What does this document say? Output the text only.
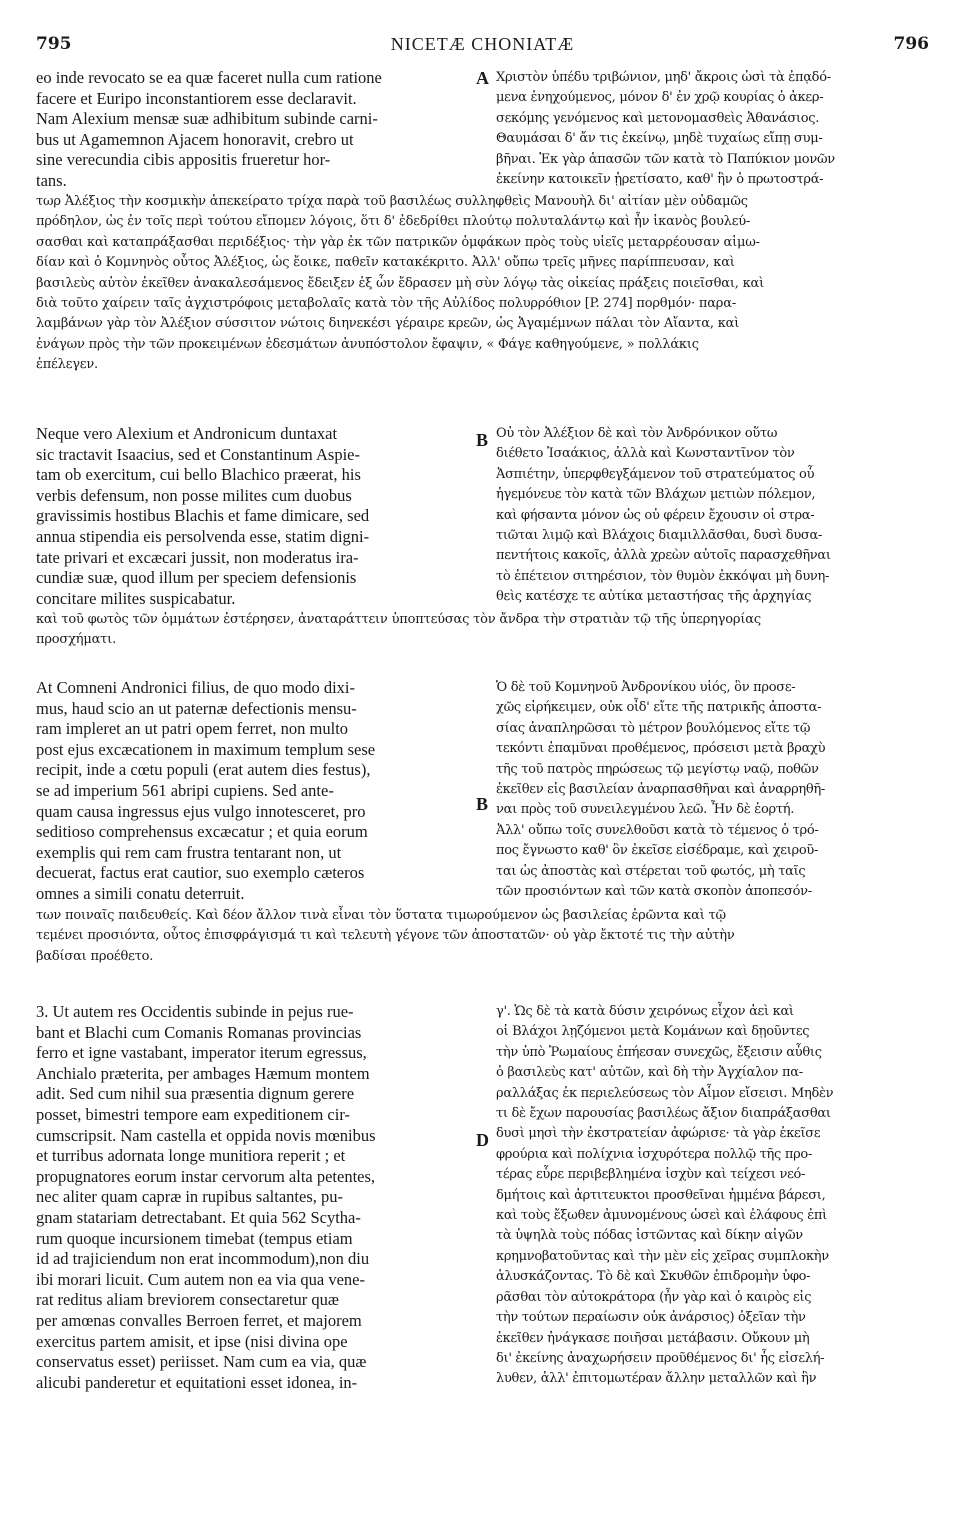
795	NICETÆ CHONIATÆ	796
eo inde revocato se ea quæ faceret nulla cum ratione
facere et Euripo inconstantiorem esse declaravit.
Nam Alexium mensæ suæ adhibitum subinde carni-
bus ut Agamemnon Ajacem honoravit, crebro ut
sine verecundia cibis appositis frueretur hor-
tans.
A Χριστὸν ὑπέδυ τριβώνιον, μηδ' ἄκροις ὠσὶ τὰ ἐπᾳδό-
μενα ἐνηχούμενος, μόνον δ' ἐν χρῷ κουρίας ὁ ἀκερ-
σεκόμης γενόμενος καὶ μετονομασθεὶς Ἀθανάσιος.
Θαυμάσαι δ' ἄν τις ἐκείνῳ, μηδὲ τυχαίως εἴπῃ συμ-
βῆναι. Ἐκ γὰρ ἁπασῶν τῶν κατὰ τὸ Παπύκιον μονῶν
ἐκείνην κατοικεῖν ᾑρετίσατο, καθ' ἣν ὁ πρωτοστρά-
τωρ Ἀλέξιος τὴν κοσμικὴν ἀπεκείρατο τρίχα παρὰ τοῦ βασιλέως συλληφθεὶς Μανουὴλ δι' αἰτίαν μὲν οὐδαμῶς
πρόδηλον, ὡς ἐν τοῖς περὶ τούτου εἴπομεν λόγοις, ὅτι δ' ἐδεδρίθει πλούτῳ πολυταλάντῳ καὶ ἦν ἱκανὸς βουλεύ-
σασθαι καὶ καταπράξασθαι περιδέξιος· τὴν γὰρ ἐκ τῶν πατρικῶν ὀμφάκων πρὸς τοὺς υἱεῖς μεταρρέουσαν αἱμω-
δίαν καὶ ὁ Κομνηνὸς οὗτος Ἀλέξιος, ὡς ἔοικε, παθεῖν κατακέκριτο. Ἀλλ' οὔπω τρεῖς μῆνες παρίππευσαν, καὶ
βασιλεὺς αὐτὸν ἐκεῖθεν ἀνακαλεσάμενος ἔδειξεν ἐξ ὧν ἔδρασεν μὴ σὺν λόγῳ τὰς οἰκείας πράξεις ποιεῖσθαι, καὶ
διὰ τοῦτο χαίρειν ταῖς ἀγχιστρόφοις μεταβολαῖς κατὰ τὸν τῆς Αὐλίδος πολυρρόθιον [P. 274] πορθμόν· παρα-
λαμβάνων γὰρ τὸν Ἀλέξιον σύσσιτον νώτοις διηνεκέσι γέραιρε κρεῶν, ὡς Ἀγαμέμνων πάλαι τὸν Αἴαντα, καὶ
ἐνάγων πρὸς τὴν τῶν προκειμένων ἐδεσμάτων ἀνυπόστολον ἔφαψιν, « Φάγε καθηγούμενε, » πολλάκις
ἐπέλεγεν.
Neque vero Alexium et Andronicum duntaxat
sic tractavit Isaacius, sed et Constantinum Aspie-
tam ob exercitum, cui bello Blachico præerat, his
verbis defensum, non posse milites cum duobus
gravissimis hostibus Blachis et fame dimicare, sed
annua stipendia eis persolvenda esse, statim digni-
tate privari et excæcari jussit, non moderatus ira-
cundiæ suæ, quod illum per speciem defensionis
concitare milites suspicabatur.
B Οὐ τὸν Ἀλέξιον δὲ καὶ τὸν Ἀνδρόνικον οὕτω
διέθετο Ἰσαάκιος, ἀλλὰ καὶ Κωνσταντῖνον τὸν
Ἀσπιέτην, ὑπερφθεγξάμενον τοῦ στρατεύματος οὗ
ἡγεμόνευε τὸν κατὰ τῶν Βλάχων μετιὼν πόλεμον,
καὶ φήσαντα μόνον ὡς οὐ φέρειν ἔχουσιν οἱ στρα-
τιῶται λιμῷ καὶ Βλάχοις διαμιλλᾶσθαι, δυσὶ δυσα-
πεντήτοις κακοῖς, ἀλλὰ χρεὼν αὐτοῖς παρασχεθῆναι
τὸ ἐπέτειον σιτηρέσιον, τὸν θυμὸν ἐκκόψαι μὴ δυνη-
θεὶς κατέσχε τε αὐτίκα μεταστήσας τῆς ἀρχηγίας
καὶ τοῦ φωτὸς τῶν ὀμμάτων ἐστέρησεν, ἀναταράττειν ὑποπτεύσας τὸν ἄνδρα τὴν στρατιὰν τῷ τῆς ὑπερηγορίας
προσχήματι.
At Comneni Andronici filius, de quo modo dixi-
mus, haud scio an ut paternæ defectionis mensu-
ram impleret an ut patri opem ferret, non multo
post ejus excæcationem in maximum templum sese
recipit, inde a cœtu populi (erat autem dies festus),
se ad imperium 561 abripi cupiens. Sed ante-
quam causa ingressus ejus vulgo innotesceret, pro
seditioso comprehensus excæcatur ; et quia eorum
exemplis qui rem cam frustra tentarant non, ut
decuerat, factus erat cautior, suo exemplo cæteros
omnes a simili conatu deterruit.
B
Ὁ δὲ τοῦ Κομνηνοῦ Ἀνδρονίκου υἱός, ὃν προσε-
χῶς εἰρήκειμεν, οὐκ οἶδ' εἴτε τῆς πατρικῆς ἀποστα-
σίας ἀναπληρῶσαι τὸ μέτρον βουλόμενος εἴτε τῷ
τεκόντι ἐπαμῦναι προθέμενος, πρόσεισι μετὰ βραχὺ
τῆς τοῦ πατρὸς πηρώσεως τῷ μεγίστῳ ναῷ, ποθῶν
ἐκεῖθεν εἰς βασιλείαν ἀναρπασθῆναι καὶ ἀναρρηθῆ-
ναι πρὸς τοῦ συνειλεγμένου λεῶ. Ἦν δὲ ἑορτή.
Ἀλλ' οὔπω τοῖς συνελθοῦσι κατὰ τὸ τέμενος ὁ τρό-
πος ἔγνωστο καθ' ὃν ἐκεῖσε εἰσέδραμε, καὶ χειροῦ-
ται ὡς ἀποστὰς καὶ στέρεται τοῦ φωτός, μὴ ταῖς
τῶν προσιόντων καὶ τῶν κατὰ σκοπὸν ἀποπεσόν-
των ποιναῖς παιδευθείς. Καὶ δέον ἄλλον τινὰ εἶναι τὸν ὕστατα τιμωρούμενον ὡς βασιλείας ἐρῶντα καὶ τῷ
τεμένει προσιόντα, οὗτος ἐπισφράγισμά τι καὶ τελευτὴ γέγονε τῶν ἀποστατῶν· οὐ γὰρ ἔκτοτέ τις τὴν αὐτὴν
βαδίσαι προέθετο.
3. Ut autem res Occidentis subinde in pejus rue-
bant et Blachi cum Comanis Romanas provincias
ferro et igne vastabant, imperator iterum egressus,
Anchialo præterita, per ambages Hæmum montem
adit. Sed cum nihil sua præsentia dignum gerere
posset, bimestri tempore eam expeditionem cir-
cumscripsit. Nam castella et oppida novis mœnibus
et turribus adornata longe munitiora reperit ; et
propugnatores eorum instar cervorum alta petentes,
nec aliter quam capræ in rupibus saltantes, pu-
gnam statariam detrectabant. Et quia 562 Scytha-
rum quoque incursionem timebat (tempus etiam
id ad trajiciendum non erat incommodum),non diu
ibi morari licuit. Cum autem non ea via qua vene-
rat reditus aliam breviorem consectaretur quæ
per amœnas convalles Berroen ferret, et majorem
exercitus partem amisit, et ipse (nisi divina ope
conservatus esset) periisset. Nam cum ea via, quæ
alicubi panderetur et equitationi esset idonea, in-
D
γ'. Ὡς δὲ τὰ κατὰ δύσιν χειρόνως εἶχον ἀεὶ καὶ
οἱ Βλάχοι λῃζόμενοι μετὰ Κομάνων καὶ δῃοῦντες
τὴν ὑπὸ Ῥωμαίους ἐπήεσαν συνεχῶς, ἔξεισιν αὖθις
ὁ βασιλεὺς κατ' αὐτῶν, καὶ δὴ τὴν Ἀγχίαλον πα-
ραλλάξας ἐκ περιελεύσεως τὸν Αἷμον εἴσεισι. Μηδὲν
τι δὲ ἔχων παρουσίας βασιλέως ἄξιον διαπράξασθαι
δυσὶ μησὶ τὴν ἐκστρατείαν ἀφώρισε· τὰ γὰρ ἐκεῖσε
φρούρια καὶ πολίχνια ἰσχυρότερα πολλῷ τῆς προ-
τέρας εὗρε περιβεβλημένα ἰσχὺν καὶ τείχεσι νεό-
δμήτοις καὶ ἀρτιτευκτοι προσθεῖναι ἡμμένα βάρεσι,
καὶ τοὺς ἔξωθεν ἀμυνομένους ὡσεὶ καὶ ἐλάφους ἐπὶ
τὰ ὑψηλὰ τοὺς πόδας ἱστῶντας καὶ δίκην αἰγῶν
κρημνοβατοῦντας καὶ τὴν μὲν εἰς χεῖρας συμπλοκὴν
ἀλυσκάζοντας. Τὸ δὲ καὶ Σκυθῶν ἐπιδρομὴν ὑφο-
ρᾶσθαι τὸν αὐτοκράτορα (ἦν γὰρ καὶ ὁ καιρὸς εἰς
τὴν τούτων περαίωσιν οὐκ ἀνάρσιος) ὀξεῖαν τὴν
ἐκεῖθεν ἠνάγκασε ποιῆσαι μετάβασιν. Οὔκουν μὴ
δι' ἐκείνης ἀναχωρήσειν προῦθέμενος δι' ἧς εἰσελή-
λυθεν, ἀλλ' ἐπιτομωτέραν ἄλλην μεταλλῶν καὶ ἣν
